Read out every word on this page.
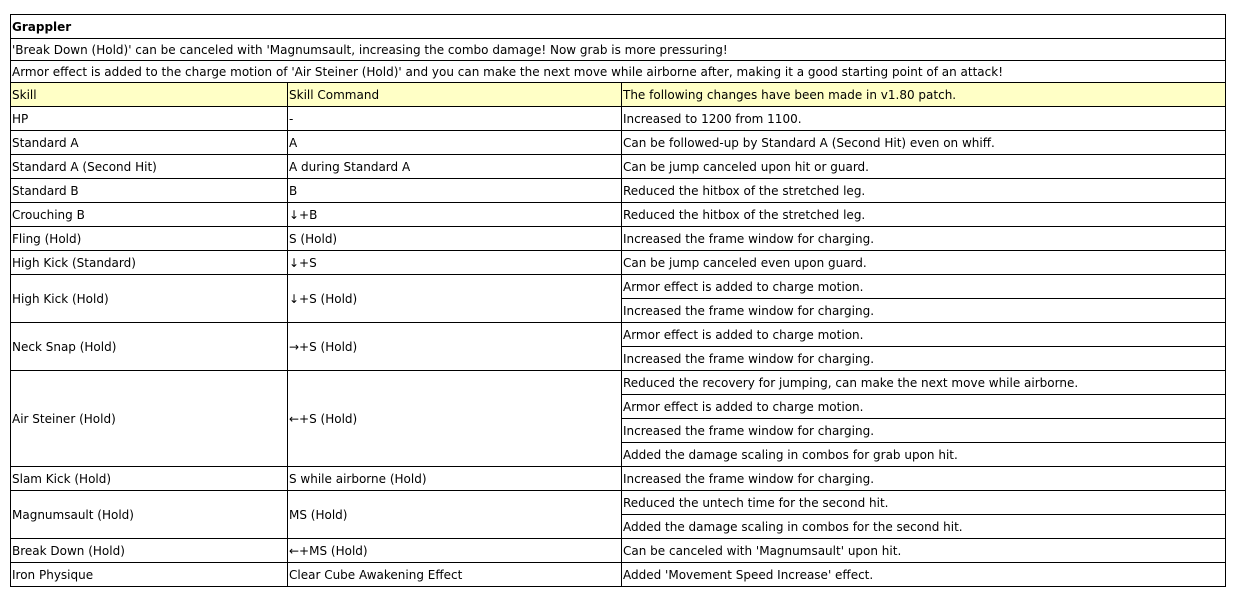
Grappler		
'Break Down (Hold)' can be canceled with 'Magnumsault, increasing the combo damage! Now grab is more pressuring!		
Armor effect is added to the charge motion of 'Air Steiner (Hold)' and you can make the next move while airborne after, making it a good starting point of an attack!		
Skill	Skill Command	The following changes have been made in v1.80 patch.
HP	-	Increased to 1200 from 1100.
Standard A	A	Can be followed-up by Standard A (Second Hit) even on whiff.
Standard A (Second Hit)	A during Standard A	Can be jump canceled upon hit or guard.
Standard B	B	Reduced the hitbox of the stretched leg.
Crouching B	↓+B	Reduced the hitbox of the stretched leg.
Fling (Hold)	S (Hold)	Increased the frame window for charging.
High Kick (Standard)	↓+S	Can be jump canceled even upon guard.
High Kick (Hold)	↓+S (Hold)	Armor effect is added to charge motion.
		Increased the frame window for charging.
Neck Snap (Hold)	→+S (Hold)	Armor effect is added to charge motion.
		Increased the frame window for charging.
Air Steiner (Hold)	←+S (Hold)	Reduced the recovery for jumping, can make the next move while airborne.
		Armor effect is added to charge motion.
		Increased the frame window for charging.
		Added the damage scaling in combos for grab upon hit.
Slam Kick (Hold)	S while airborne (Hold)	Increased the frame window for charging.
Magnumsault (Hold)	MS (Hold)	Reduced the untech time for the second hit.
		Added the damage scaling in combos for the second hit.
Break Down (Hold)	←+MS (Hold)	Can be canceled with 'Magnumsault' upon hit.
Iron Physique	Clear Cube Awakening Effect	Added 'Movement Speed Increase' effect.
